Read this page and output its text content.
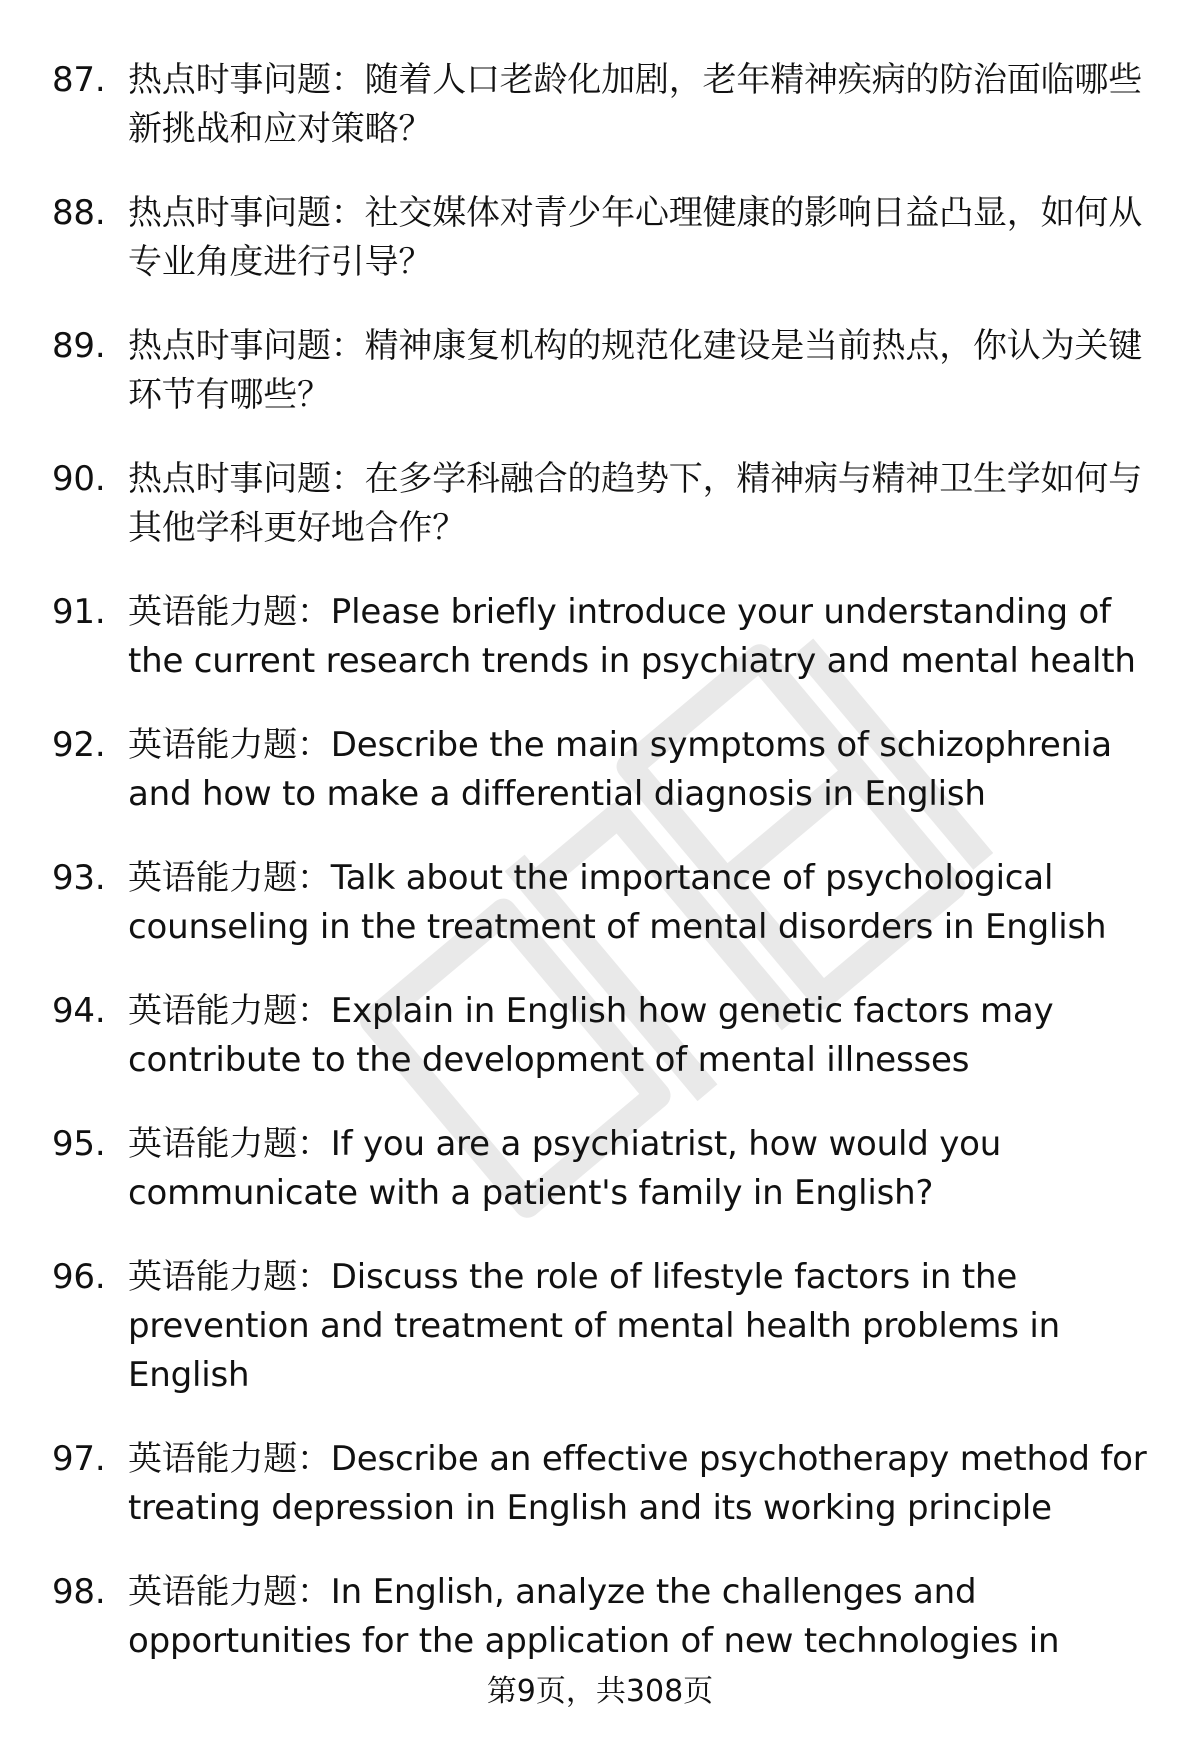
87. 热点时事问题：随着人口老龄化加剧，老年精神疾病的防治面临哪些新挑战和应对策略？
88. 热点时事问题：社交媒体对青少年心理健康的影响日益凸显，如何从专业角度进行引导？
89. 热点时事问题：精神康复机构的规范化建设是当前热点，你认为关键环节有哪些？
90. 热点时事问题：在多学科融合的趋势下，精神病与精神卫生学如何与其他学科更好地合作？
91. 英语能力题：Please briefly introduce your understanding of the current research trends in psychiatry and mental health
92. 英语能力题：Describe the main symptoms of schizophrenia and how to make a differential diagnosis in English
93. 英语能力题：Talk about the importance of psychological counseling in the treatment of mental disorders in English
94. 英语能力题：Explain in English how genetic factors may contribute to the development of mental illnesses
95. 英语能力题：If you are a psychiatrist, how would you communicate with a patient's family in English?
96. 英语能力题：Discuss the role of lifestyle factors in the prevention and treatment of mental health problems in English
97. 英语能力题：Describe an effective psychotherapy method for treating depression in English and its working principle
98. 英语能力题：In English, analyze the challenges and opportunities for the application of new technologies in
第9页，共308页
